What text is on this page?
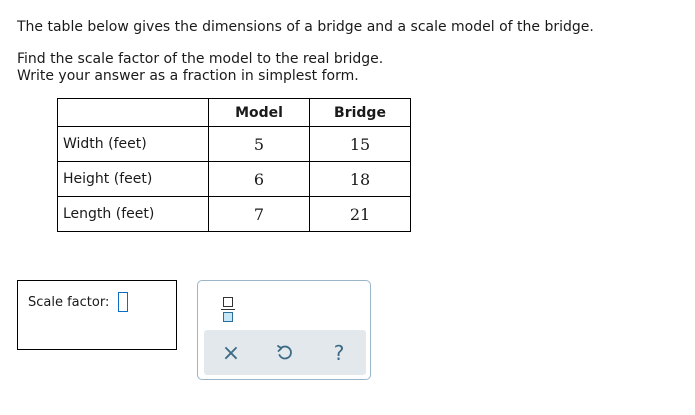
The table below gives the dimensions of a bridge and a scale model of the bridge.
Find the scale factor of the model to the real bridge.
Write your answer as a fraction in simplest form.
	Model	Bridge
Width (feet)	5	15
Height (feet)	6	18
Length (feet)	7	21
Scale factor:
×	?
